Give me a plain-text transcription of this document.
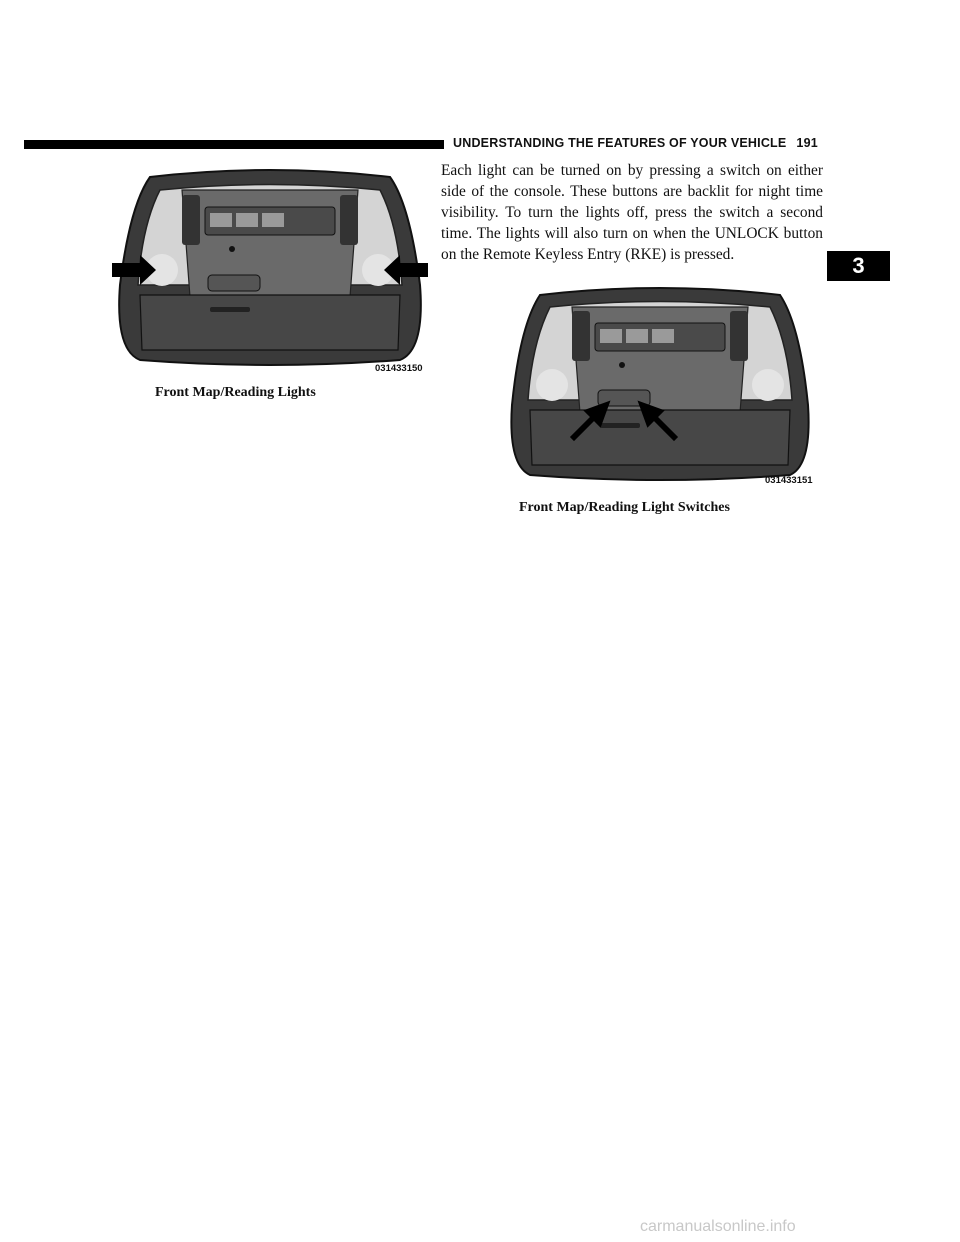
UNDERSTANDING THE FEATURES OF YOUR VEHICLE 191
Each light can be turned on by pressing a switch on either side of the console. These buttons are backlit for night time visibility. To turn the lights off, press the switch a second time. The lights will also turn on when the UNLOCK button on the Remote Keyless Entry (RKE) is pressed.	3
031433150
Front Map/Reading Lights
031433151
Front Map/Reading Light Switches
carmanualsonline.info
